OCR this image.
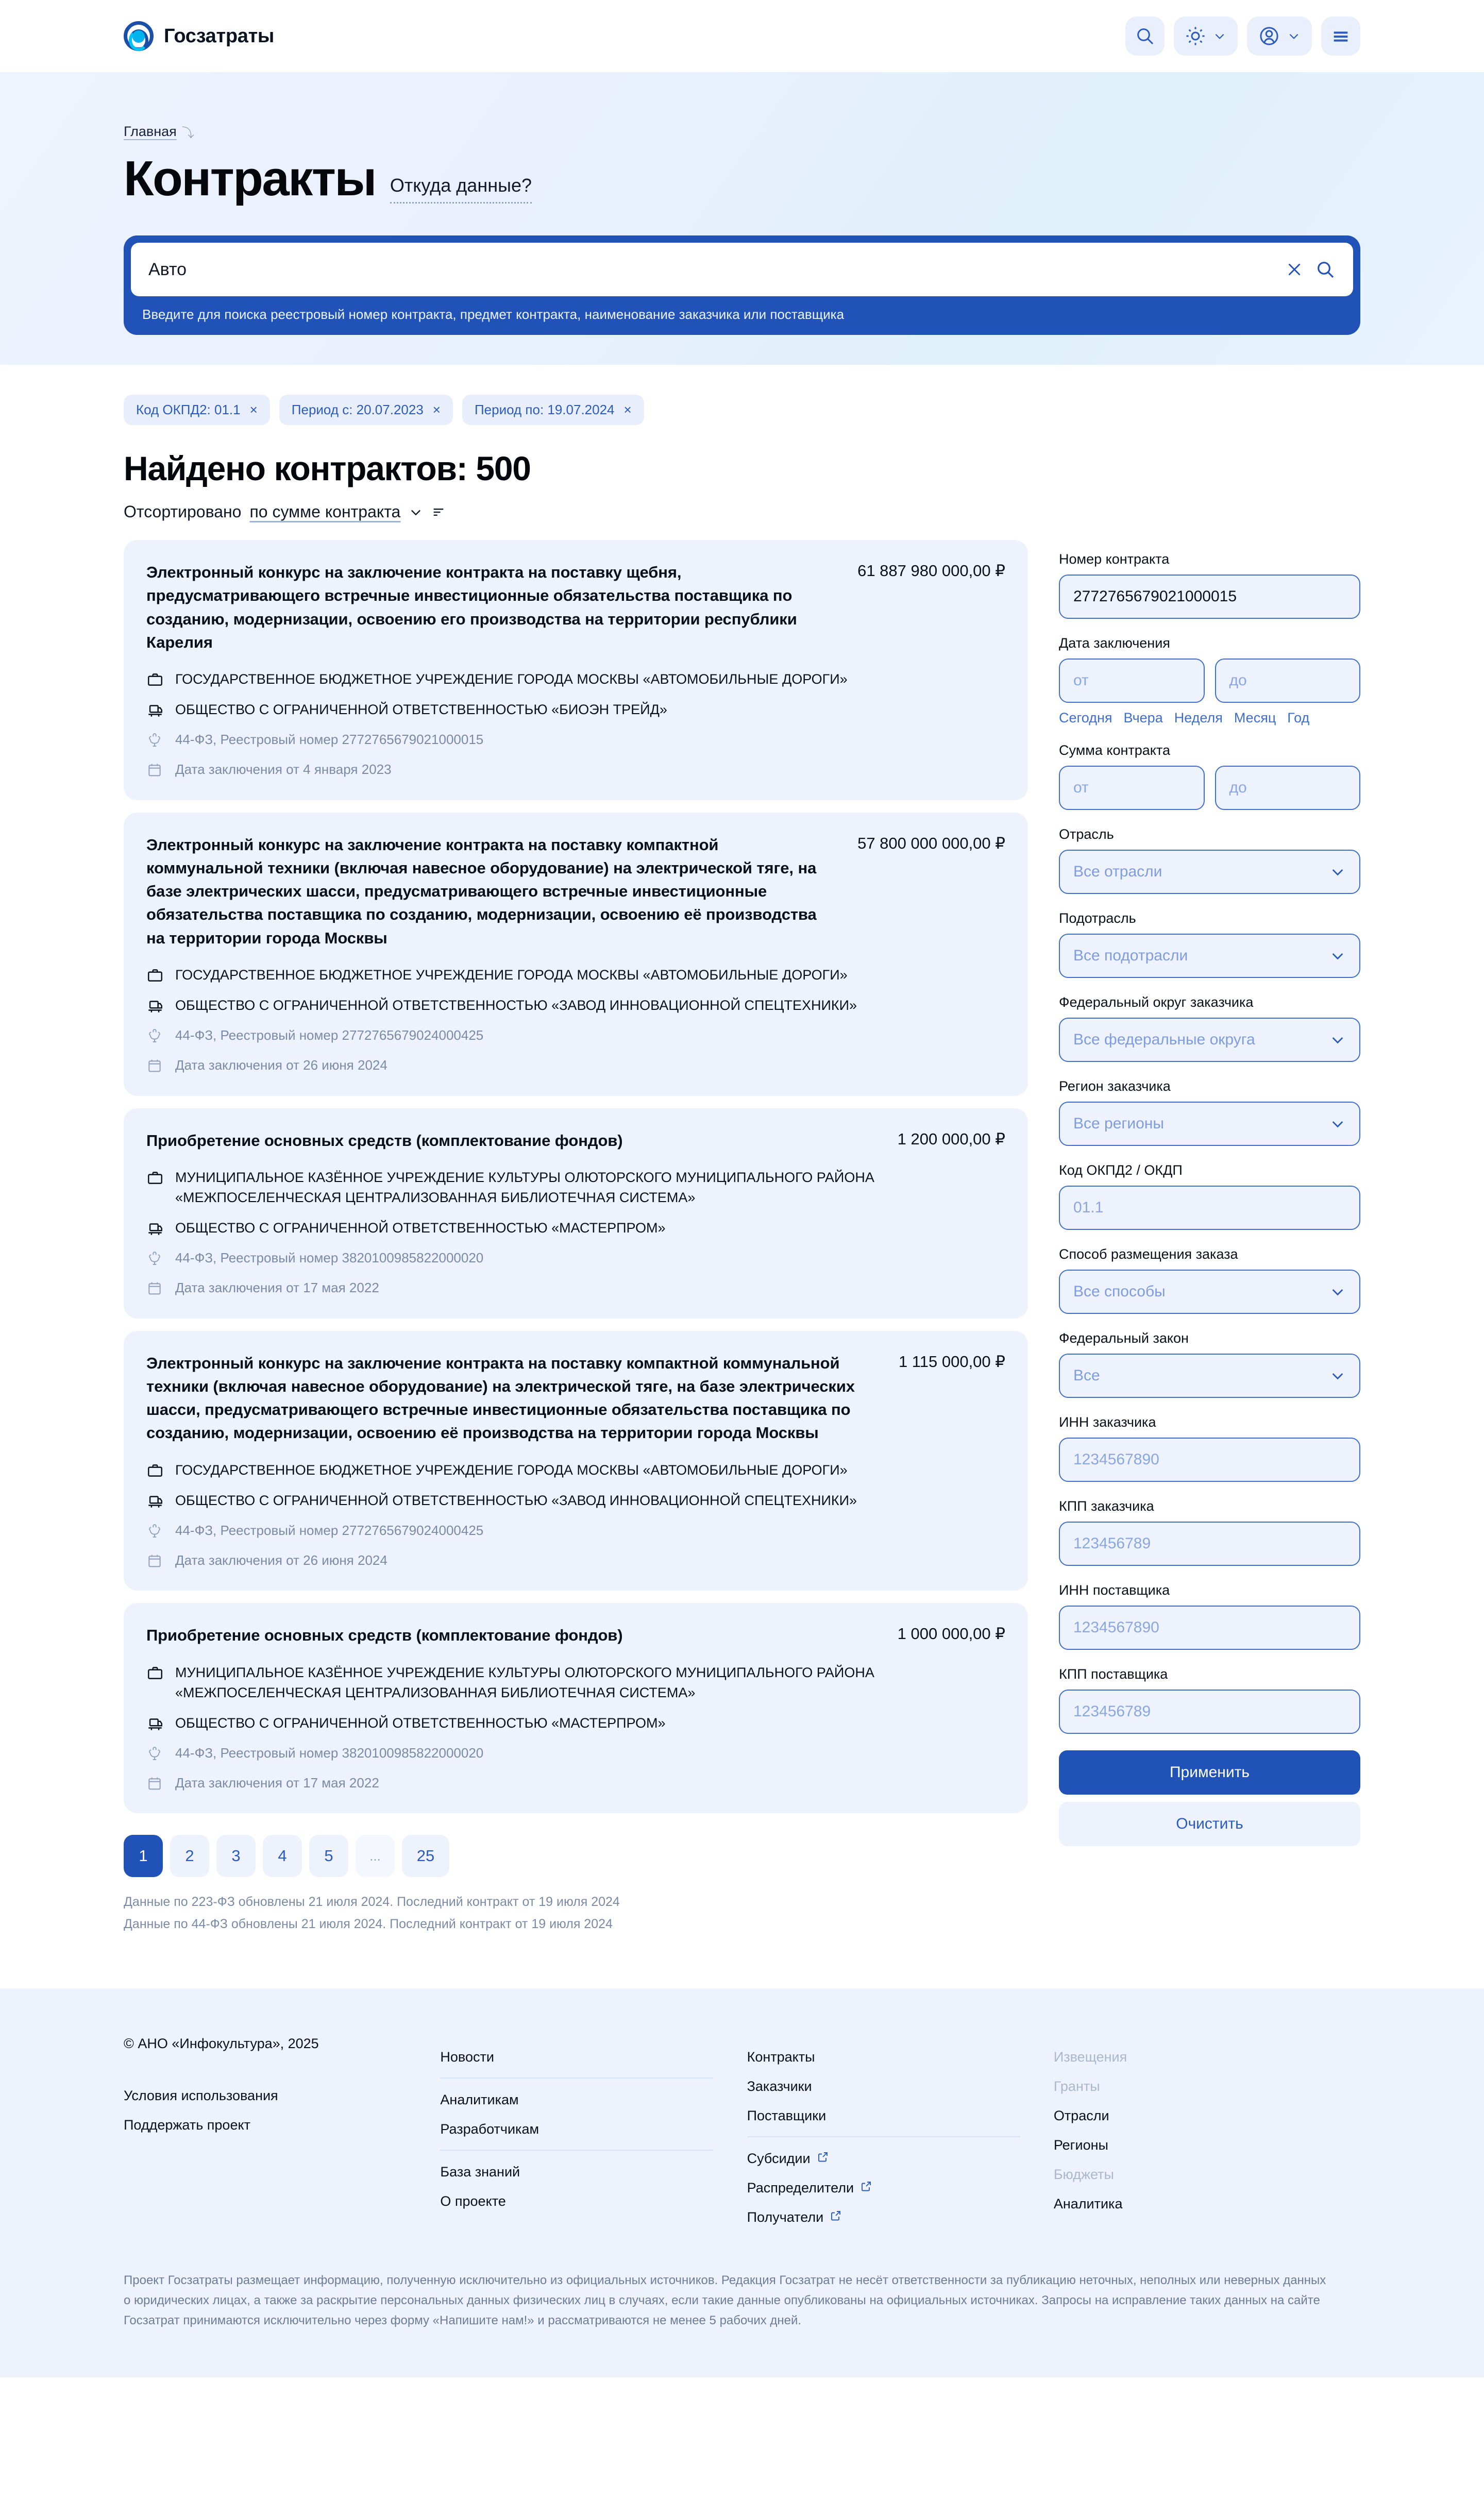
Госзатраты
Главная ⤵
Контракты Откуда данные?
Авто
Введите для поиска реестровый номер контракта, предмет контракта, наименование заказчика или поставщика
Код ОКПД2: 01.1 ×	Период с: 20.07.2023 ×	Период по: 19.07.2024 ×
Найдено контрактов: 500
Отсортировано по сумме контракта
Электронный конкурс на заключение контракта на поставку щебня, предусматривающего встречные инвестиционные обязательства поставщика по созданию, модернизации, освоению его производства на территории республики Карелия
61 887 980 000,00 ₽
ГОСУДАРСТВЕННОЕ БЮДЖЕТНОЕ УЧРЕЖДЕНИЕ ГОРОДА МОСКВЫ «АВТОМОБИЛЬНЫЕ ДОРОГИ»
ОБЩЕСТВО С ОГРАНИЧЕННОЙ ОТВЕТСТВЕННОСТЬЮ «БИОЭН ТРЕЙД»
44-ФЗ, Реестровый номер 2772765679021000015
Дата заключения от 4 января 2023
Электронный конкурс на заключение контракта на поставку компактной коммунальной техники (включая навесное оборудование) на электрической тяге, на базе электрических шасси, предусматривающего встречные инвестиционные обязательства поставщика по созданию, модернизации, освоению её производства на территории города Москвы
57 800 000 000,00 ₽
ГОСУДАРСТВЕННОЕ БЮДЖЕТНОЕ УЧРЕЖДЕНИЕ ГОРОДА МОСКВЫ «АВТОМОБИЛЬНЫЕ ДОРОГИ»
ОБЩЕСТВО С ОГРАНИЧЕННОЙ ОТВЕТСТВЕННОСТЬЮ «ЗАВОД ИННОВАЦИОННОЙ СПЕЦТЕХНИКИ»
44-ФЗ, Реестровый номер 2772765679024000425
Дата заключения от 26 июня 2024
Приобретение основных средств (комплектование фондов)	1 200 000,00 ₽
МУНИЦИПАЛЬНОЕ КАЗЁННОЕ УЧРЕЖДЕНИЕ КУЛЬТУРЫ ОЛЮТОРСКОГО МУНИЦИПАЛЬНОГО РАЙОНА «МЕЖПОСЕЛЕНЧЕСКАЯ ЦЕНТРАЛИЗОВАННАЯ БИБЛИОТЕЧНАЯ СИСТЕМА»
ОБЩЕСТВО С ОГРАНИЧЕННОЙ ОТВЕТСТВЕННОСТЬЮ «МАСТЕРПРОМ»
44-ФЗ, Реестровый номер 3820100985822000020
Дата заключения от 17 мая 2022
Электронный конкурс на заключение контракта на поставку компактной коммунальной техники (включая навесное оборудование) на электрической тяге, на базе электрических шасси, предусматривающего встречные инвестиционные обязательства поставщика по созданию, модернизации, освоению её производства на территории города Москвы
1 115 000,00 ₽
ГОСУДАРСТВЕННОЕ БЮДЖЕТНОЕ УЧРЕЖДЕНИЕ ГОРОДА МОСКВЫ «АВТОМОБИЛЬНЫЕ ДОРОГИ»
ОБЩЕСТВО С ОГРАНИЧЕННОЙ ОТВЕТСТВЕННОСТЬЮ «ЗАВОД ИННОВАЦИОННОЙ СПЕЦТЕХНИКИ»
44-ФЗ, Реестровый номер 2772765679024000425
Дата заключения от 26 июня 2024
Приобретение основных средств (комплектование фондов)	1 000 000,00 ₽
МУНИЦИПАЛЬНОЕ КАЗЁННОЕ УЧРЕЖДЕНИЕ КУЛЬТУРЫ ОЛЮТОРСКОГО МУНИЦИПАЛЬНОГО РАЙОНА «МЕЖПОСЕЛЕНЧЕСКАЯ ЦЕНТРАЛИЗОВАННАЯ БИБЛИОТЕЧНАЯ СИСТЕМА»
ОБЩЕСТВО С ОГРАНИЧЕННОЙ ОТВЕТСТВЕННОСТЬЮ «МАСТЕРПРОМ»
44-ФЗ, Реестровый номер 3820100985822000020
Дата заключения от 17 мая 2022
1	2	3	4	5	...	25
Данные по 223-ФЗ обновлены 21 июля 2024. Последний контракт от 19 июля 2024
Данные по 44-ФЗ обновлены 21 июля 2024. Последний контракт от 19 июля 2024
Номер контракта
2772765679021000015
Дата заключения
от	до
Сегодня Вчера Неделя Месяц Год
Сумма контракта
от	до
Отрасль
Все отрасли
Подотрасль
Все подотрасли
Федеральный округ заказчика
Все федеральные округа
Регион заказчика
Все регионы
Код ОКПД2 / ОКДП
01.1
Способ размещения заказа
Все способы
Федеральный закон
Все
ИНН заказчика
1234567890
КПП заказчика
123456789
ИНН поставщика
1234567890
КПП поставщика
123456789
Применить
Очистить
© АНО «Инфокультура», 2025
Условия использования
Поддержать проект
Новости
Аналитикам
Разработчикам
База знаний
О проекте
Контракты
Заказчики
Поставщики
Субсидии
Распределители
Получатели
Извещения
Гранты
Отрасли
Регионы
Бюджеты
Аналитика
Проект Госзатраты размещает информацию, полученную исключительно из официальных источников. Редакция Госзатрат не несёт ответственности за публикацию неточных, неполных или неверных данных о юридических лицах, а также за раскрытие персональных данных физических лиц в случаях, если такие данные опубликованы на официальных источниках. Запросы на исправление таких данных на сайте Госзатрат принимаются исключительно через форму «Напишите нам!» и рассматриваются не менее 5 рабочих дней.
